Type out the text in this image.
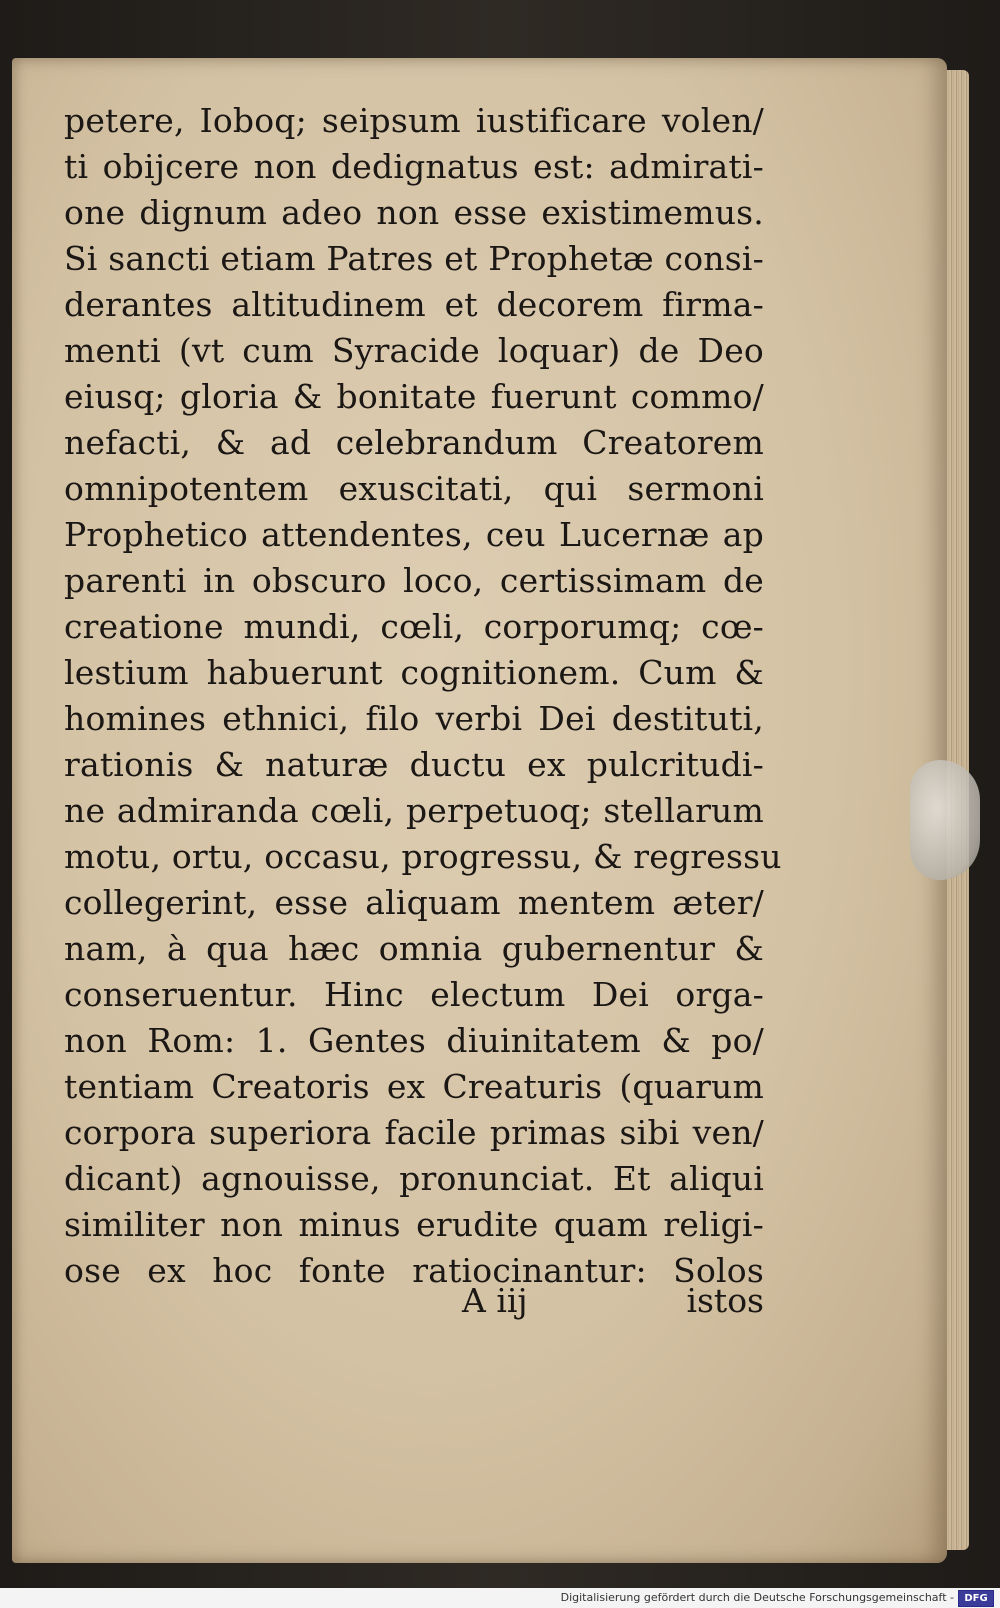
petere, Ioboq; seipsum iustificare volen/
ti obijcere non dedignatus est: admirati-
one dignum adeo non esse existimemus.
Si sancti etiam Patres et Prophetæ consi-
derantes altitudinem et decorem firma-
menti (vt cum Syracide loquar) de Deo
eiusq; gloria & bonitate fuerunt commo/
nefacti, & ad celebrandum Creatorem
omnipotentem exuscitati, qui sermoni
Prophetico attendentes, ceu Lucernæ ap
parenti in obscuro loco, certissimam de
creatione mundi, cœli, corporumq; cœ-
lestium habuerunt cognitionem. Cum &
homines ethnici, filo verbi Dei destituti,
rationis & naturæ ductu ex pulcritudi-
ne admiranda cœli, perpetuoq; stellarum
motu, ortu, occasu, progressu, & regressu
collegerint, esse aliquam mentem æter/
nam, à qua hæc omnia gubernentur &
conseruentur. Hinc electum Dei orga-
non Rom: 1. Gentes diuinitatem & po/
tentiam Creatoris ex Creaturis (quarum
corpora superiora facile primas sibi ven/
dicant) agnouisse, pronunciat. Et aliqui
similiter non minus erudite quam religi-
ose ex hoc fonte ratiocinantur: Solos
A iij	istos
Digitalisierung gefördert durch die Deutsche Forschungsgemeinschaft -	DFG
